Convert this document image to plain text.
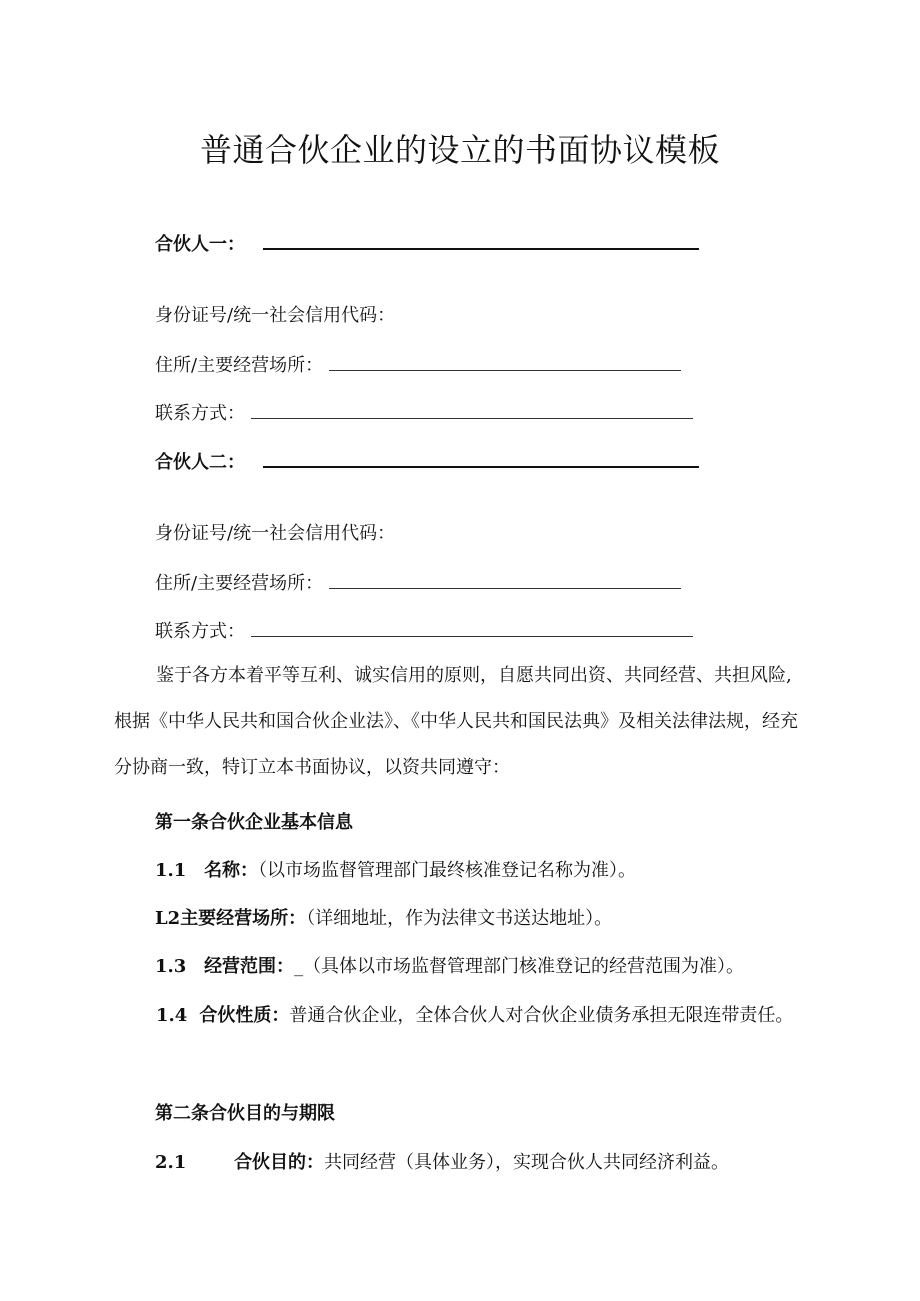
普通合伙企业的设立的书面协议模板
合伙人一：
身份证号/统一社会信用代码：
住所/主要经营场所：
联系方式：
合伙人二：
身份证号/统一社会信用代码：
住所/主要经营场所：
联系方式：
鉴于各方本着平等互利、诚实信用的原则，自愿共同出资、共同经营、共担风险, 根据《中华人民共和国合伙企业法》、《中华人民共和国民法典》及相关法律法规，经充分协商一致，特订立本书面协议，以资共同遵守：
第一条合伙企业基本信息
1.1 名称：（以市场监督管理部门最终核准登记名称为准）。
L2主要经营场所：（详细地址，作为法律文书送达地址）。
1.3 经营范围：_（具体以市场监督管理部门核准登记的经营范围为准）。
1.4 合伙性质：普通合伙企业，全体合伙人对合伙企业债务承担无限连带责任。
第二条合伙目的与期限
2.1	合伙目的：共同经营（具体业务），实现合伙人共同经济利益。
